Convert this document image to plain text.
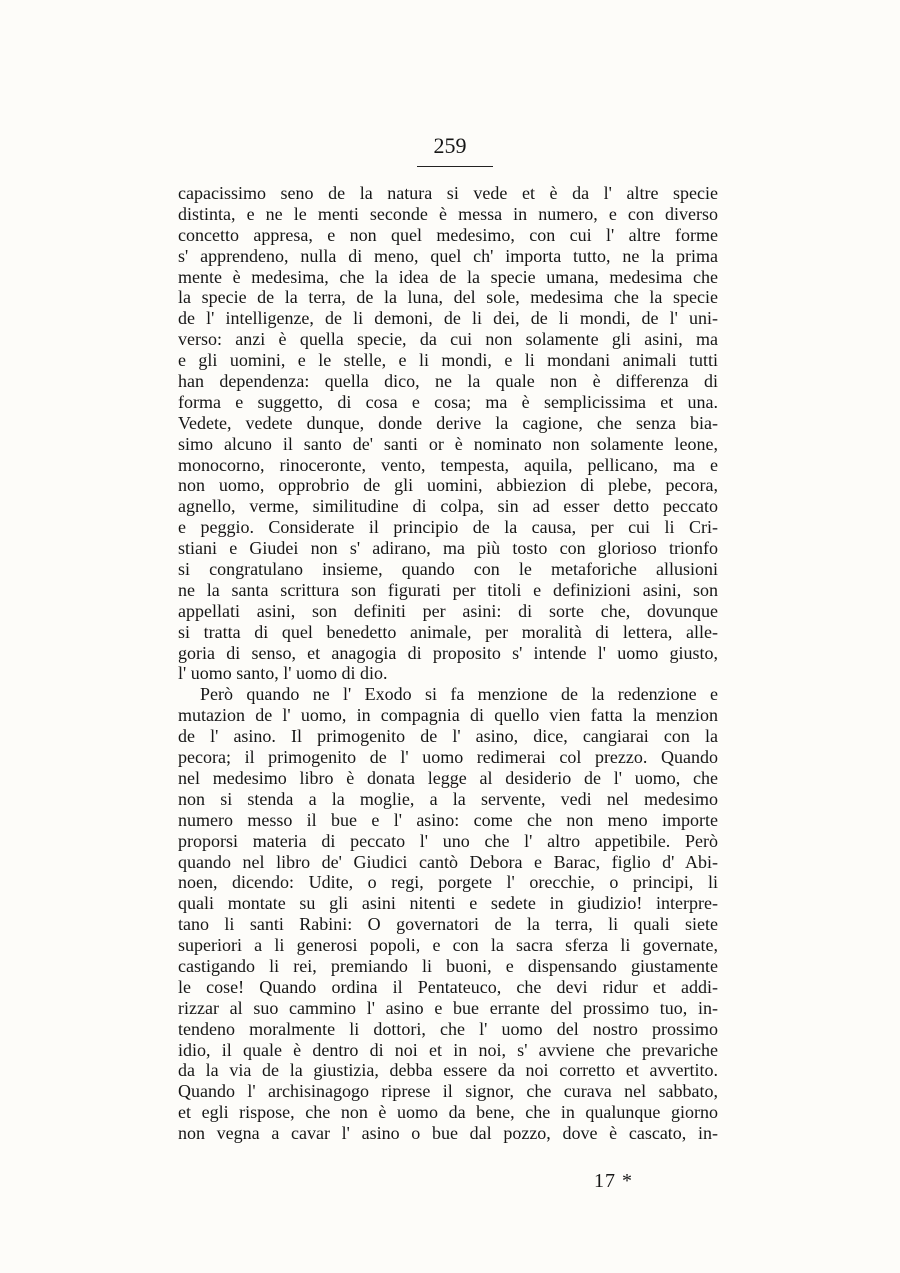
259
capacissimo seno de la natura si vede et è da l' altre specie
distinta, e ne le menti seconde è messa in numero, e con diverso
concetto appresa, e non quel medesimo, con cui l' altre forme
s' apprendeno, nulla di meno, quel ch' importa tutto, ne la prima
mente è medesima, che la idea de la specie umana, medesima che
la specie de la terra, de la luna, del sole, medesima che la specie
de l' intelligenze, de li demoni, de li dei, de li mondi, de l' uni-
verso: anzi è quella specie, da cui non solamente gli asini, ma
e gli uomini, e le stelle, e li mondi, e li mondani animali tutti
han dependenza: quella dico, ne la quale non è differenza di
forma e suggetto, di cosa e cosa; ma è semplicissima et una.
Vedete, vedete dunque, donde derive la cagione, che senza bia-
simo alcuno il santo de' santi or è nominato non solamente leone,
monocorno, rinoceronte, vento, tempesta, aquila, pellicano, ma e
non uomo, opprobrio de gli uomini, abbiezion di plebe, pecora,
agnello, verme, similitudine di colpa, sin ad esser detto peccato
e peggio. Considerate il principio de la causa, per cui li Cri-
stiani e Giudei non s' adirano, ma più tosto con glorioso trionfo
si congratulano insieme, quando con le metaforiche allusioni
ne la santa scrittura son figurati per titoli e definizioni asini, son
appellati asini, son definiti per asini: di sorte che, dovunque
si tratta di quel benedetto animale, per moralità di lettera, alle-
goria di senso, et anagogia di proposito s' intende l' uomo giusto,
l' uomo santo, l' uomo di dio.
Però quando ne l' Exodo si fa menzione de la redenzione e
mutazion de l' uomo, in compagnia di quello vien fatta la menzion
de l' asino. Il primogenito de l' asino, dice, cangiarai con la
pecora; il primogenito de l' uomo redimerai col prezzo. Quando
nel medesimo libro è donata legge al desiderio de l' uomo, che
non si stenda a la moglie, a la servente, vedi nel medesimo
numero messo il bue e l' asino: come che non meno importe
proporsi materia di peccato l' uno che l' altro appetibile. Però
quando nel libro de' Giudici cantò Debora e Barac, figlio d' Abi-
noen, dicendo: Udite, o regi, porgete l' orecchie, o principi, li
quali montate su gli asini nitenti e sedete in giudizio! interpre-
tano li santi Rabini: O governatori de la terra, li quali siete
superiori a li generosi popoli, e con la sacra sferza li governate,
castigando li rei, premiando li buoni, e dispensando giustamente
le cose! Quando ordina il Pentateuco, che devi ridur et addi-
rizzar al suo cammino l' asino e bue errante del prossimo tuo, in-
tendeno moralmente li dottori, che l' uomo del nostro prossimo
idio, il quale è dentro di noi et in noi, s' avviene che prevariche
da la via de la giustizia, debba essere da noi corretto et avvertito.
Quando l' archisinagogo riprese il signor, che curava nel sabbato,
et egli rispose, che non è uomo da bene, che in qualunque giorno
non vegna a cavar l' asino o bue dal pozzo, dove è cascato, in-
17 *
